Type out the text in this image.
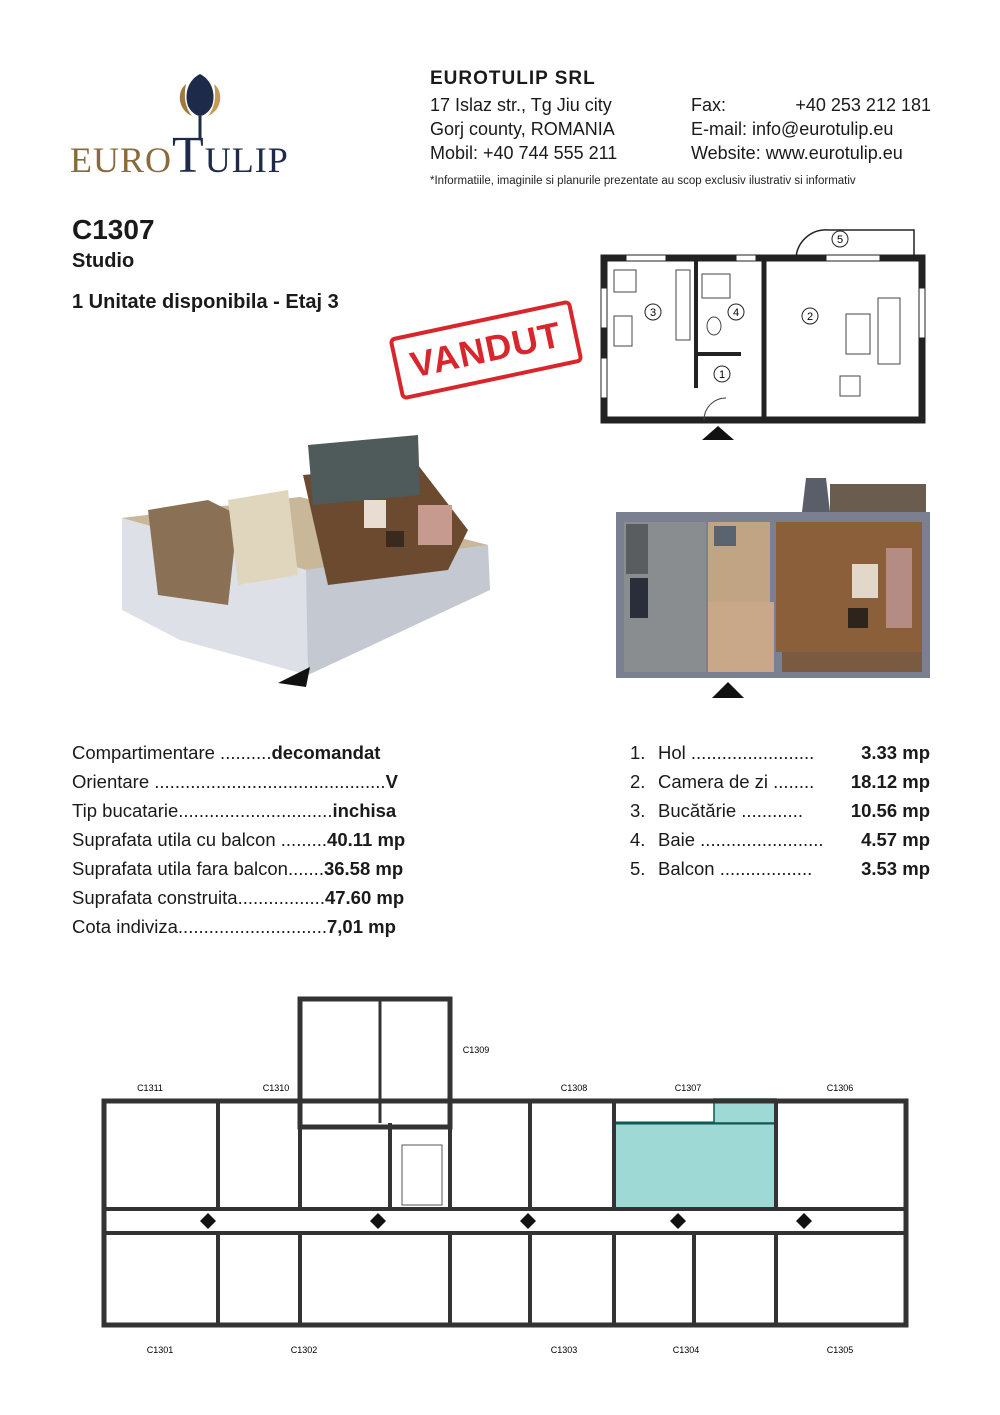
EUROTULIP
EUROTULIP SRL
17 Islaz str., Tg Jiu city
Gorj county, ROMANIA
Mobil: +40 744 555 211
Fax:	+40 253 212 181
E-mail: info@eurotulip.eu
Website: www.eurotulip.eu
*Informatiile, imaginile si planurile prezentate au scop exclusiv ilustrativ si informativ
C1307
Studio
1 Unitate disponibila - Etaj 3
5
3	4
1
2
VANDUT
Compartimentare ..........decomandat
Orientare .............................................V
Tip bucatarie..............................inchisa
Suprafata utila cu balcon .........40.11 mp
Suprafata utila fara balcon.......36.58 mp
Suprafata construita.................47.60 mp
Cota indiviza.............................7,01 mp
1. Hol ........................	3.33 mp
2. Camera de zi ........	18.12 mp
3. Bucătărie ............	10.56 mp
4. Baie ........................	4.57 mp
5. Balcon ..................	3.53 mp
C1311	C1310
C1309
C1308	C1307	C1306
C1301	C1302	C1303	C1304	C1305
